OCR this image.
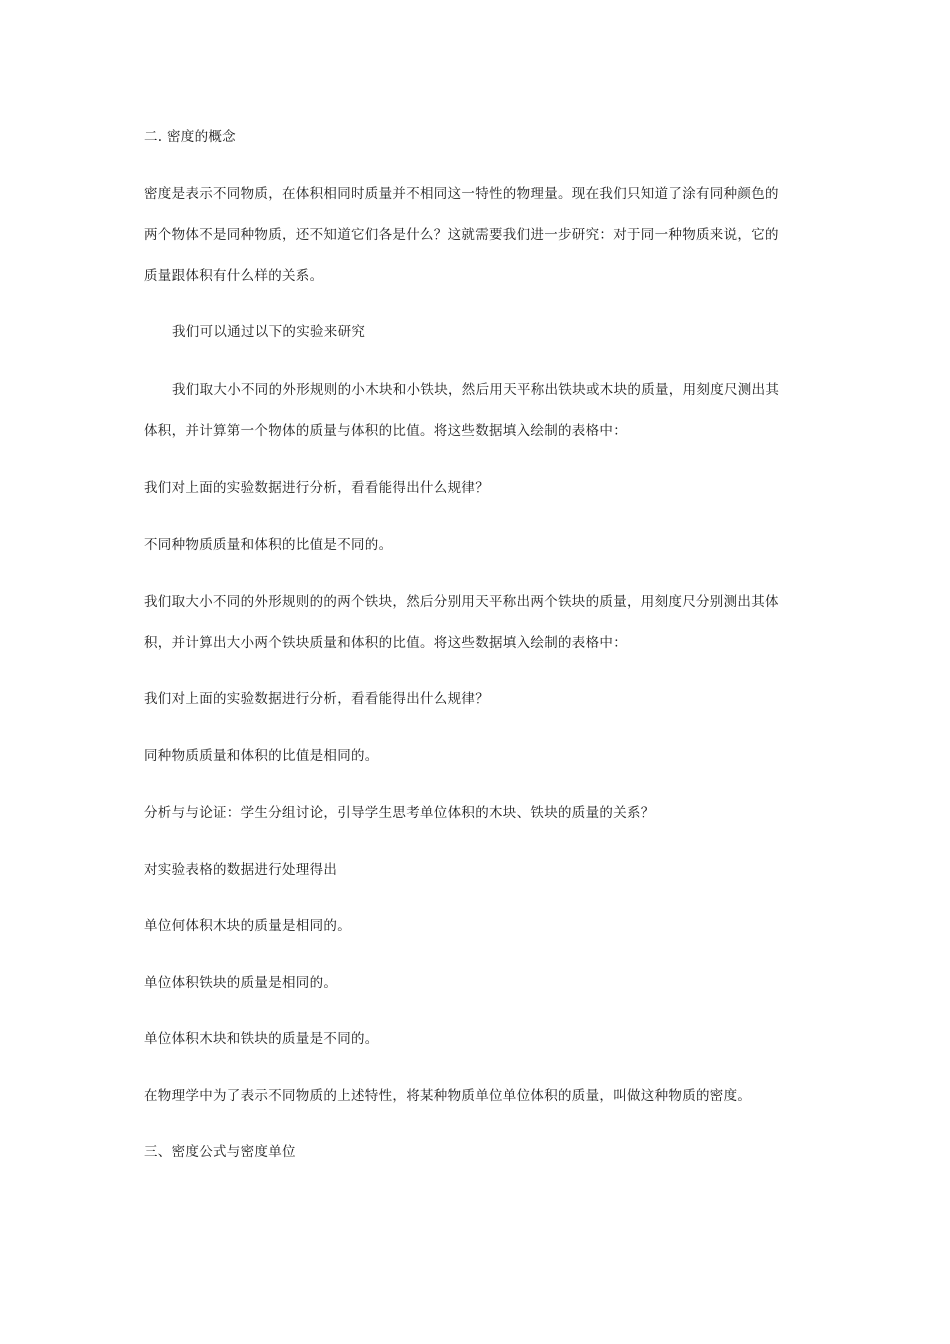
二. 密度的概念
密度是表示不同物质，在体积相同时质量并不相同这一特性的物理量。现在我们只知道了涂有同种颜色的
两个物体不是同种物质，还不知道它们各是什么？这就需要我们进一步研究：对于同一种物质来说，它的
质量跟体积有什么样的关系。
我们可以通过以下的实验来研究
我们取大小不同的外形规则的小木块和小铁块，然后用天平称出铁块或木块的质量，用刻度尺测出其
体积，并计算第一个物体的质量与体积的比值。将这些数据填入绘制的表格中：
我们对上面的实验数据进行分析，看看能得出什么规律？
不同种物质质量和体积的比值是不同的。
我们取大小不同的外形规则的的两个铁块，然后分别用天平称出两个铁块的质量，用刻度尺分别测出其体
积，并计算出大小两个铁块质量和体积的比值。将这些数据填入绘制的表格中：
我们对上面的实验数据进行分析，看看能得出什么规律？
同种物质质量和体积的比值是相同的。
分析与与论证：学生分组讨论，引导学生思考单位体积的木块、铁块的质量的关系？
对实验表格的数据进行处理得出
单位何体积木块的质量是相同的。
单位体积铁块的质量是相同的。
单位体积木块和铁块的质量是不同的。
在物理学中为了表示不同物质的上述特性，将某种物质单位单位体积的质量，叫做这种物质的密度。
三、密度公式与密度单位
